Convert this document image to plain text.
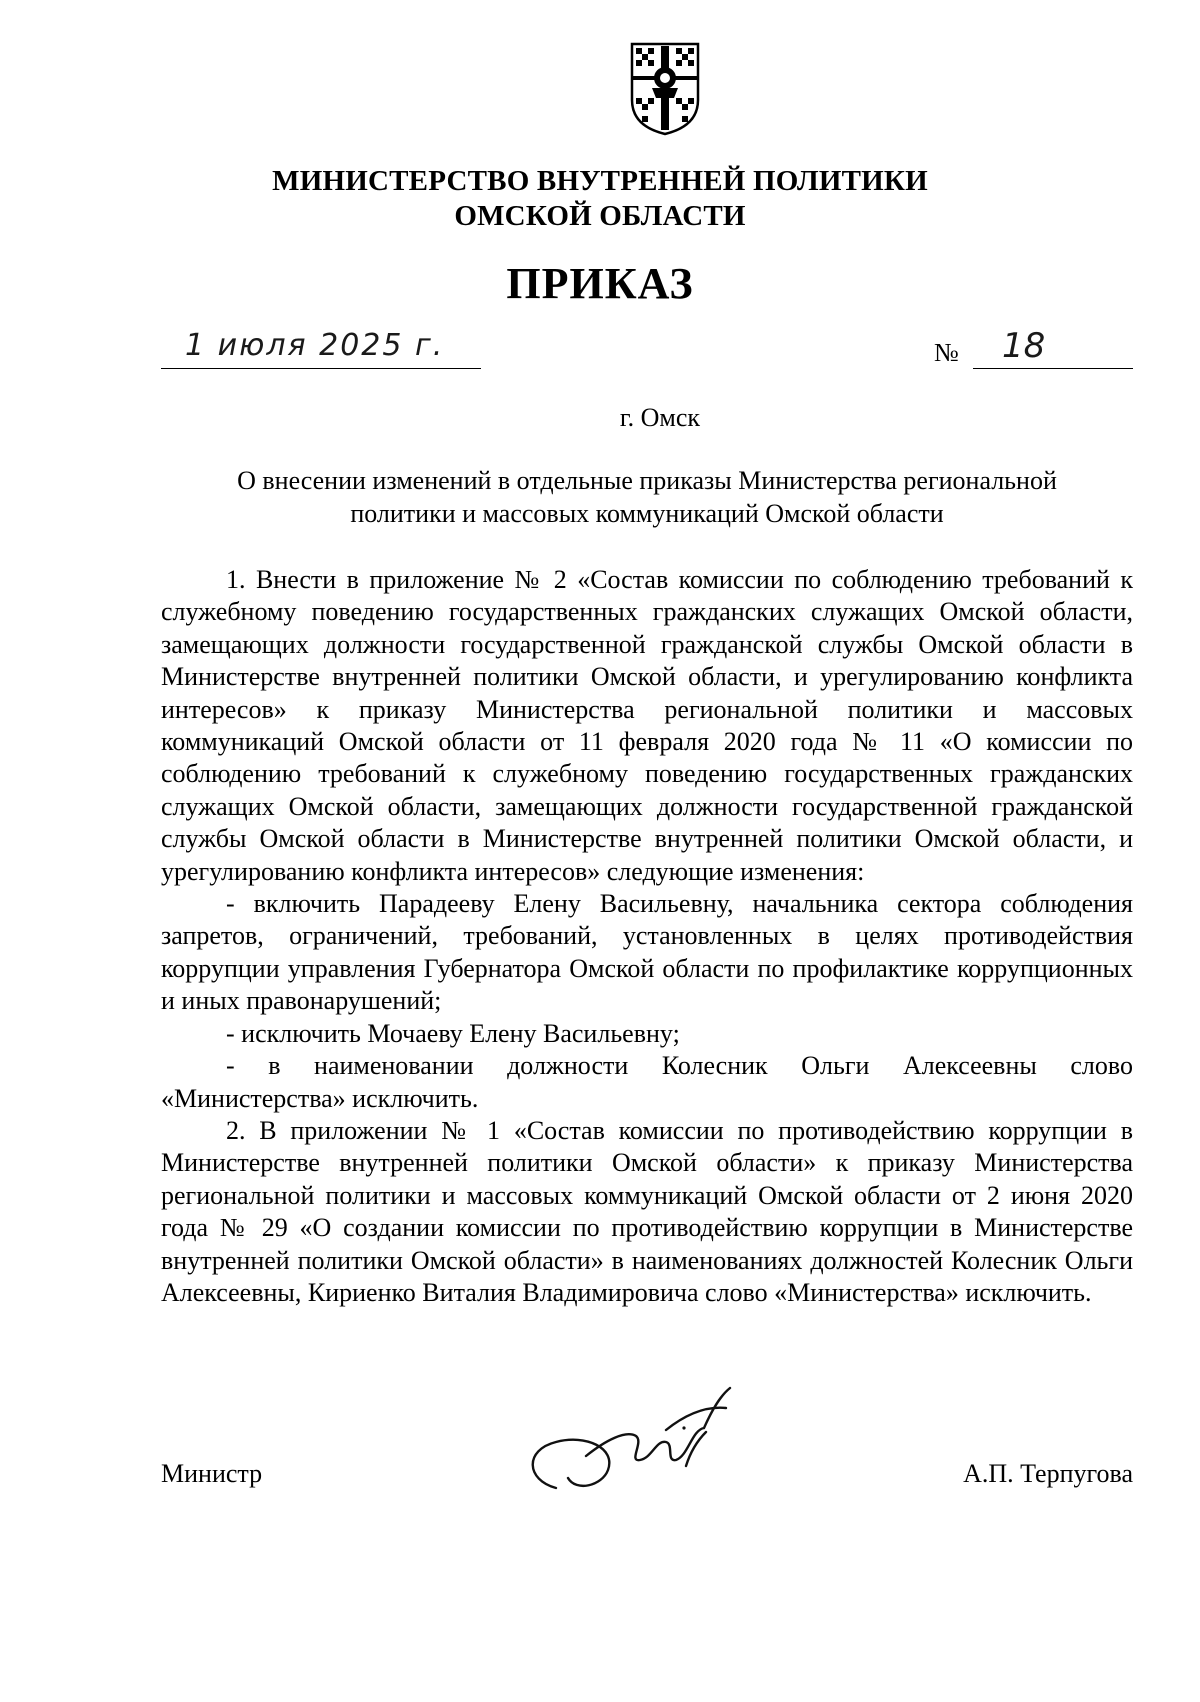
МИНИСТЕРСТВО ВНУТРЕННЕЙ ПОЛИТИКИ
ОМСКОЙ ОБЛАСТИ
ПРИКАЗ
1 июля 2025 г.	№ 18
г. Омск
О внесении изменений в отдельные приказы Министерства региональной
политики и массовых коммуникаций Омской области

1. Внести в приложение № 2 «Состав комиссии по соблюдению требований к служебному поведению государственных гражданских служащих Омской области, замещающих должности государственной гражданской службы Омской области в Министерстве внутренней политики Омской области, и урегулированию конфликта интересов» к приказу Министерства региональной политики и массовых коммуникаций Омской области от 11 февраля 2020 года № 11 «О комиссии по соблюдению требований к служебному поведению государственных гражданских служащих Омской области, замещающих должности государственной гражданской службы Омской области в Министерстве внутренней политики Омской области, и урегулированию конфликта интересов» следующие изменения:

- включить Парадееву Елену Васильевну, начальника сектора соблюдения запретов, ограничений, требований, установленных в целях противодействия коррупции управления Губернатора Омской области по профилактике коррупционных и иных правонарушений;

- исключить Мочаеву Елену Васильевну;

- в наименовании должности Колесник Ольги Алексеевны слово «Министерства» исключить.

2. В приложении № 1 «Состав комиссии по противодействию коррупции в Министерстве внутренней политики Омской области» к приказу Министерства региональной политики и массовых коммуникаций Омской области от 2 июня 2020 года № 29 «О создании комиссии по противодействию коррупции в Министерстве внутренней политики Омской области» в наименованиях должностей Колесник Ольги Алексеевны, Кириенко Виталия Владимировича слово «Министерства» исключить.

Министр	А.П. Терпугова
